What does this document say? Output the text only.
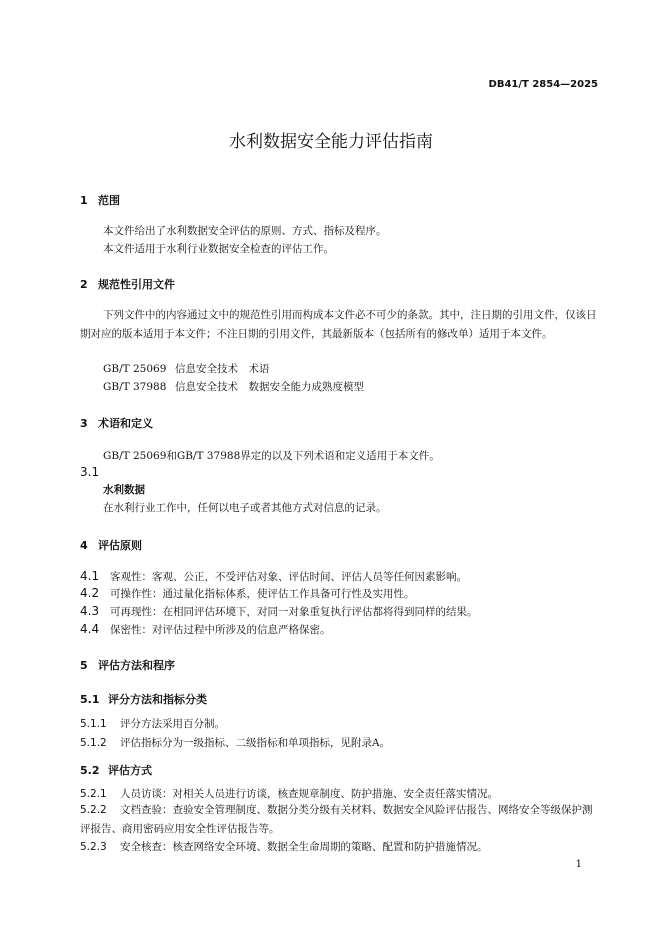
DB41/T 2854—2025
水利数据安全能力评估指南
1 范围
本文件给出了水利数据安全评估的原则、方式、指标及程序。
本文件适用于水利行业数据安全检查的评估工作。
2 规范性引用文件
下列文件中的内容通过文中的规范性引用而构成本文件必不可少的条款。其中，注日期的引用文件，仅该日期对应的版本适用于本文件；不注日期的引用文件，其最新版本（包括所有的修改单）适用于本文件。
GB/T 25069 信息安全技术　术语
GB/T 37988 信息安全技术　数据安全能力成熟度模型
3 术语和定义
GB/T 25069和GB/T 37988界定的以及下列术语和定义适用于本文件。
3.1
水利数据
在水利行业工作中，任何以电子或者其他方式对信息的记录。
4 评估原则
4.1 客观性：客观、公正，不受评估对象、评估时间、评估人员等任何因素影响。
4.2 可操作性：通过量化指标体系，使评估工作具备可行性及实用性。
4.3 可再现性：在相同评估环境下，对同一对象重复执行评估都将得到同样的结果。
4.4 保密性：对评估过程中所涉及的信息严格保密。
5 评估方法和程序
5.1 评分方法和指标分类
5.1.1 评分方法采用百分制。
5.1.2 评估指标分为一级指标、二级指标和单项指标，见附录A。
5.2 评估方式
5.2.1 人员访谈：对相关人员进行访谈，核查规章制度、防护措施、安全责任落实情况。
5.2.2 文档查验：查验安全管理制度、数据分类分级有关材料、数据安全风险评估报告、网络安全等级保护测评报告、商用密码应用安全性评估报告等。
5.2.3 安全核查：核查网络安全环境、数据全生命周期的策略、配置和防护措施情况。
1
